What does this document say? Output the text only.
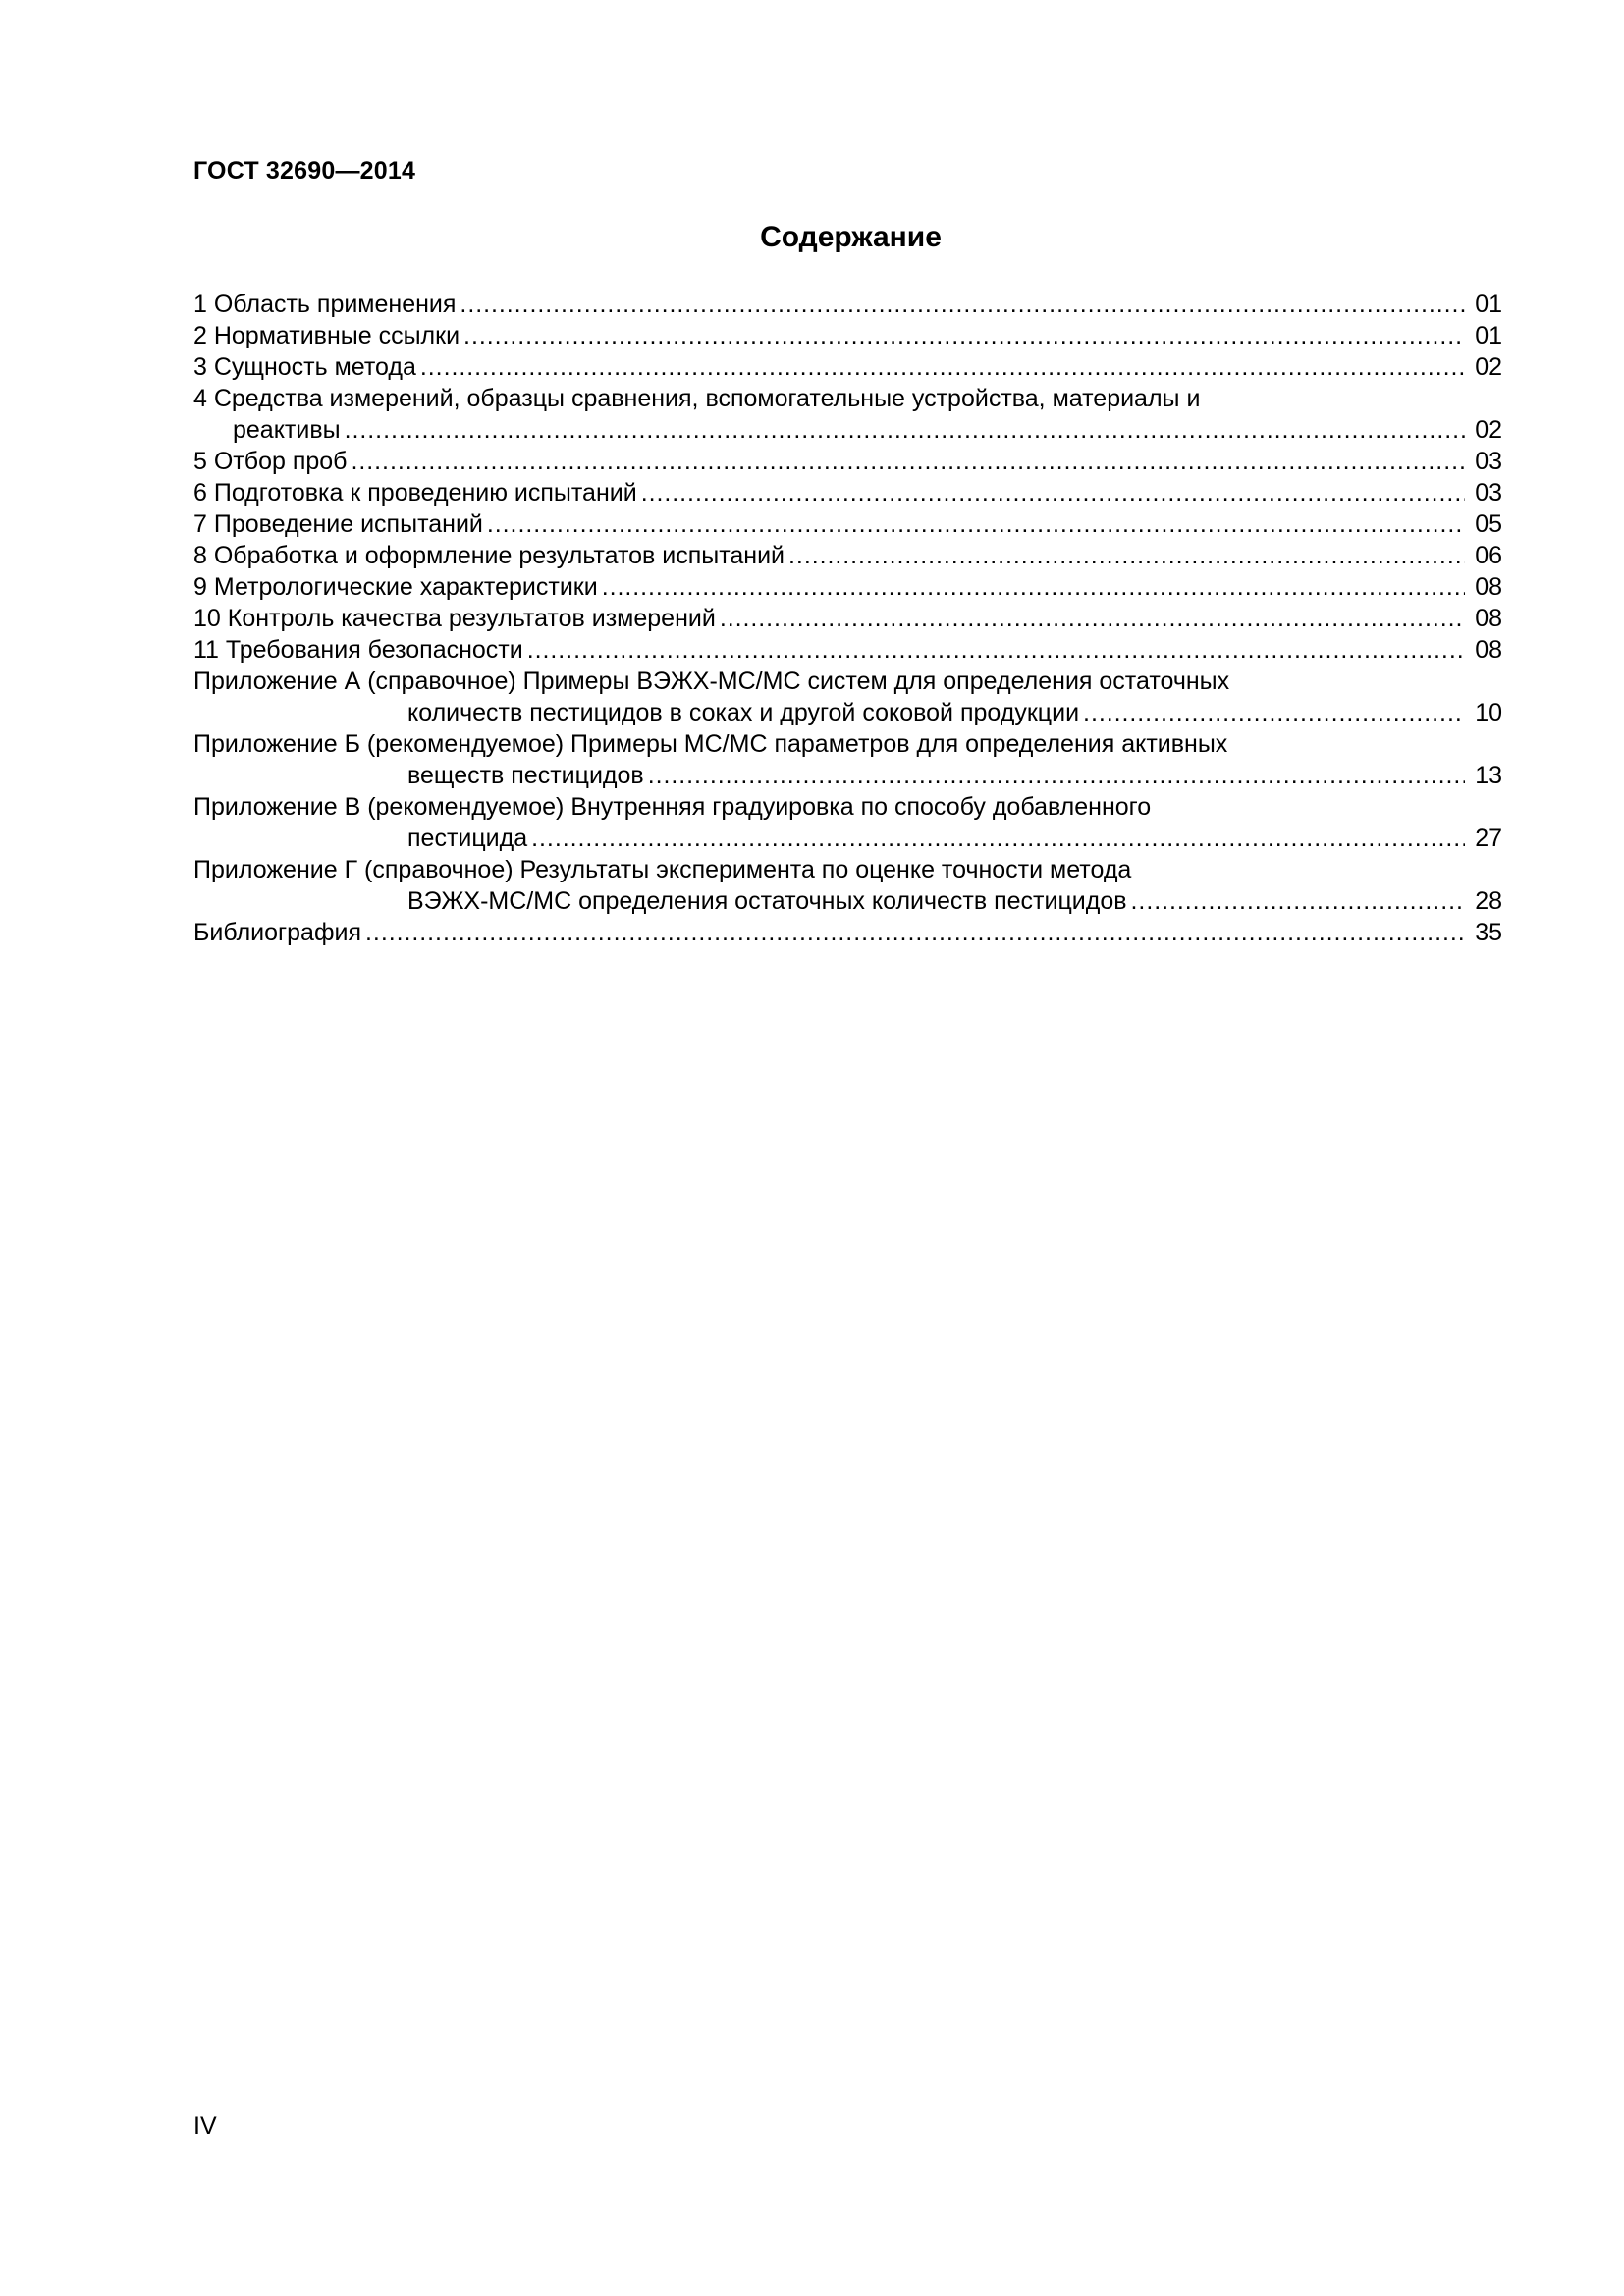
ГОСТ 32690—2014
Содержание
1 Область применения . . .	01
2 Нормативные ссылки . . .	01
3 Сущность метода . . .	02
4 Средства измерений, образцы сравнения, вспомогательные устройства, материалы и
реактивы . . .	02
5 Отбор проб . . .	03
6 Подготовка к проведению испытаний . . .	03
7 Проведение испытаний . . .	05
8 Обработка и оформление результатов испытаний . . .	06
9 Метрологические характеристики . . .	08
10 Контроль качества результатов измерений . . .	08
11 Требования безопасности . . .	08
Приложение А (справочное) Примеры ВЭЖХ-МС/МС систем для определения остаточных
количеств пестицидов в соках и другой соковой продукции . . .	10
Приложение Б (рекомендуемое) Примеры МС/МС параметров для определения активных
веществ пестицидов . . .	13
Приложение В (рекомендуемое) Внутренняя градуировка по способу добавленного
пестицида . . .	27
Приложение Г (справочное) Результаты эксперимента по оценке точности метода
ВЭЖХ-МС/МС определения остаточных количеств пестицидов . . .	28
Библиография . . .	35
IV
